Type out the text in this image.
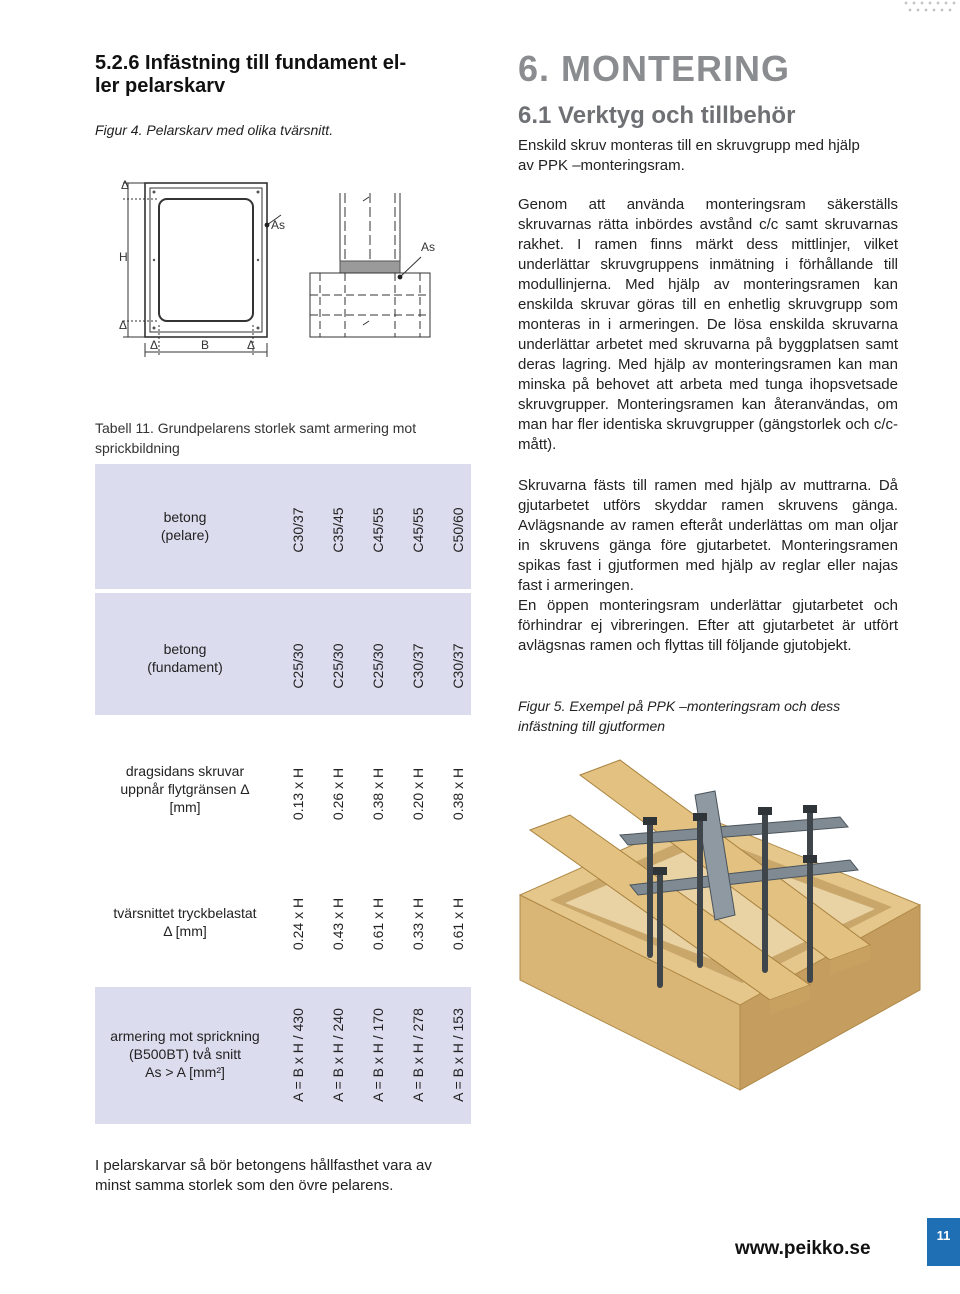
5.2.6 Infästning till fundament el-
ler pelarskarv
Figur 4. Pelarskarv med olika tvärsnitt.
Δ
H
Δ
Δ	B	Δ
As
As
Tabell 11. Grundpelarens storlek samt armering mot
sprickbildning
betong
(pelare)
betong
(fundament)
dragsidans skruvar
uppnår flytgränsen Δ
[mm]
tvärsnittet tryckbelastat
Δ [mm]
armering mot sprickning
(B500BT) två snitt
As > A [mm²]
C30/37 C35/45 C45/55 C45/55 C50/60
C25/30 C25/30 C25/30 C30/37 C30/37
0.13 x H 0.26 x H 0.38 x H 0.20 x H 0.38 x H
0.24 x H 0.43 x H 0.61 x H 0.33 x H 0.61 x H
A = B x H / 430 A = B x H / 240 A = B x H / 170 A = B x H / 278 A = B x H / 153
I pelarskarvar så bör betongens hållfasthet vara av
minst samma storlek som den övre pelarens.
6. MONTERING
6.1 Verktyg och tillbehör
Enskild skruv monteras till en skruvgrupp med hjälp
av PPK –monteringsram.
Genom att använda monteringsram säkerställs skruvarnas rätta inbördes avstånd c/c samt skruvarnas rakhet. I ramen finns märkt dess mittlinjer, vilket underlättar skruvgruppens inmätning i förhållande till modullinjerna. Med hjälp av monteringsramen kan enskilda skruvar göras till en enhetlig skruvgrupp som monteras in i armeringen. De lösa enskilda skruvarna underlättar arbetet med skruvarna på byggplatsen samt deras lagring. Med hjälp av monteringsramen kan man minska på behovet att arbeta med tunga ihopsvetsade skruvgrupper. Monteringsramen kan återanvändas, om man har fler identiska skruvgrupper (gängstorlek och c/c-mått).
Skruvarna fästs till ramen med hjälp av muttrarna. Då gjutarbetet utförs skyddar ramen skruvens gänga. Avlägsnande av ramen efteråt underlättas om man oljar in skruvens gänga före gjutarbetet. Monteringsramen spikas fast i gjutformen med hjälp av reglar eller najas fast i armeringen.
En öppen monteringsram underlättar gjutarbetet och förhindrar ej vibreringen. Efter att gjutarbetet är utfört avlägsnas ramen och flyttas till följande gjutobjekt.
Figur 5. Exempel på PPK –monteringsram och dess
infästning till gjutformen
www.peikko.se
11
